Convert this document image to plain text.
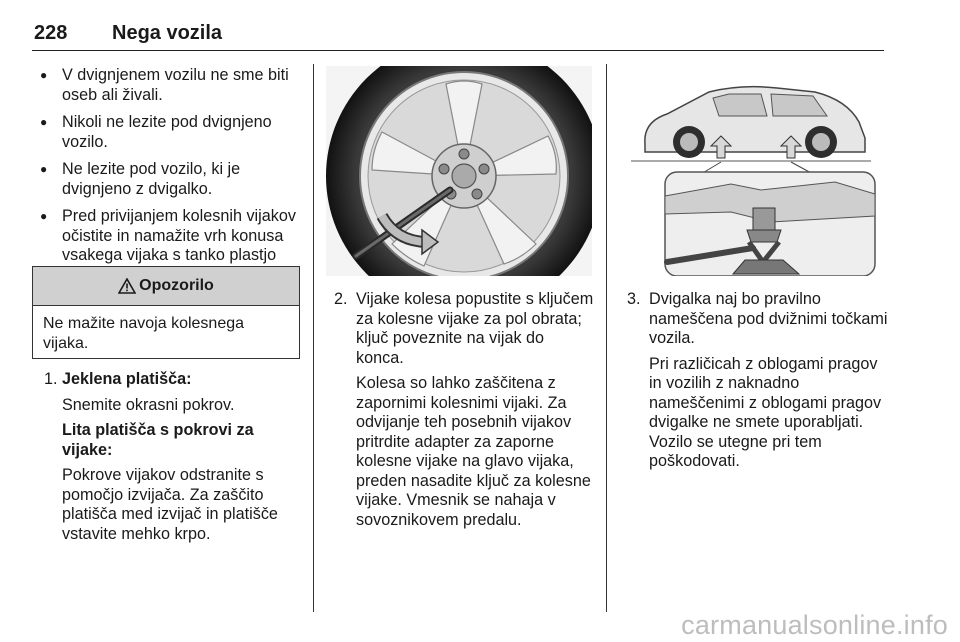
228 Nega vozila
● V dvignjenem vozilu ne sme biti oseb ali živali.
● Nikoli ne lezite pod dvignjeno vozilo.
● Ne lezite pod vozilo, ki je dvignjeno z dvigalko.
● Pred privijanjem kolesnih vijakov očistite in namažite vrh konusa vsakega vijaka s tanko plastjo
Opozorilo
Ne mažite navoja kolesnega vijaka.
1. Jeklena platišča:

Snemite okrasni pokrov.

Lita platišča s pokrovi za vijake:

Pokrove vijakov odstranite s pomočjo izvijača. Za zaščito platišča med izvijač in platišče vstavite mehko krpo.

2. Vijake kolesa popustite s ključem za kolesne vijake za pol obrata; ključ poveznite na vijak do konca.

Kolesa so lahko zaščitena z zapornimi kolesnimi vijaki. Za odvijanje teh posebnih vijakov pritrdite adapter za zaporne kolesne vijake na glavo vijaka, preden nasadite ključ za kolesne vijake. Vmesnik se nahaja v sovoznikovem predalu.

3. Dvigalka naj bo pravilno nameščena pod dvižnimi točkami vozila.

Pri različicah z oblogami pragov in vozilih z naknadno nameščenimi z oblogami pragov dvigalke ne smete uporabljati. Vozilo se utegne pri tem poškodovati.

carmanualsonline.info
